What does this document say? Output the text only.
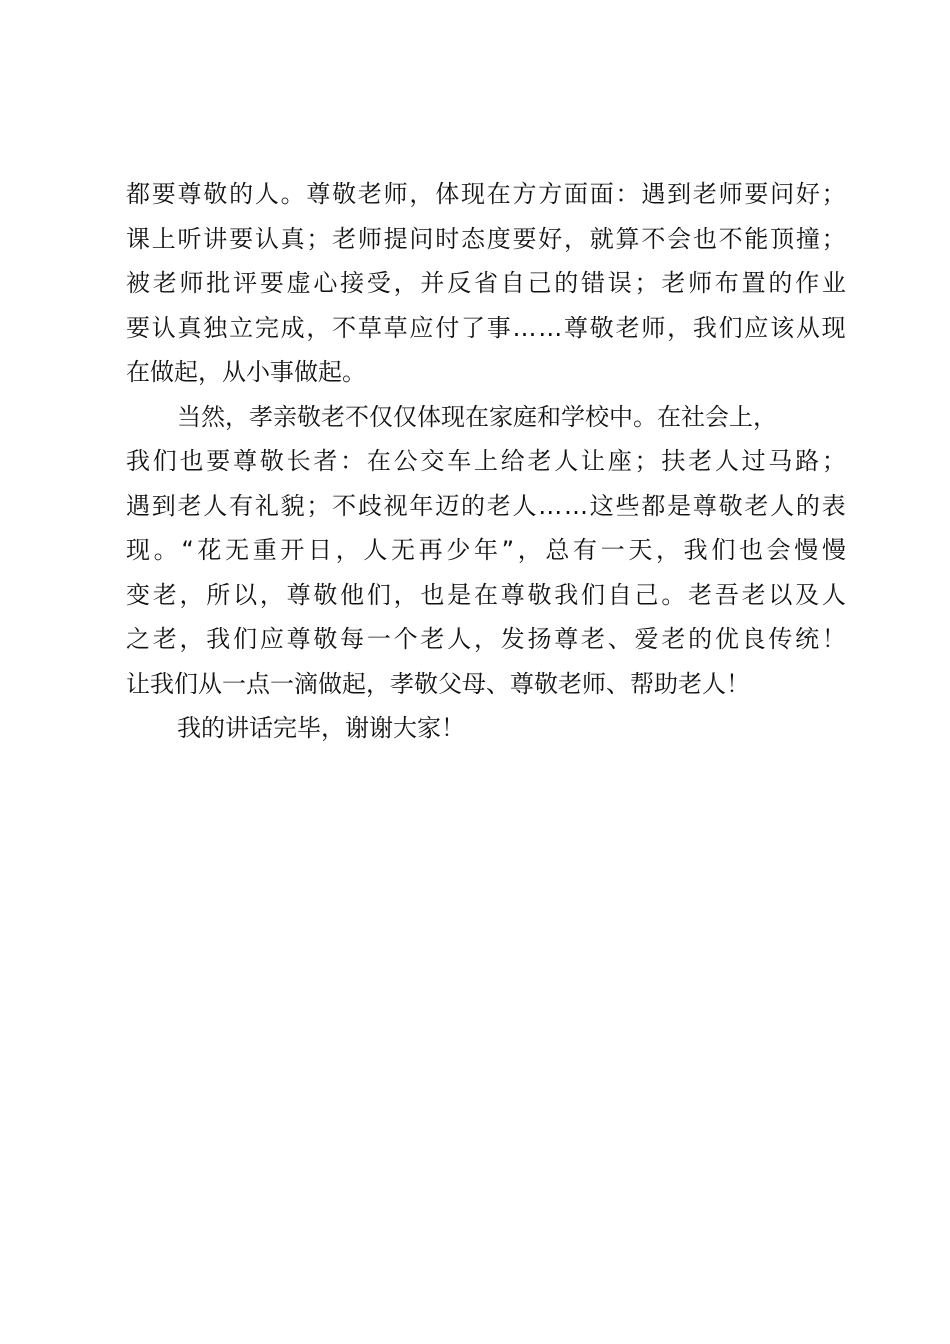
都 要 尊 敬 的 人 。 尊 敬 老 师 ， 体 现 在 方 方 面 面 ： 遇 到 老 师 要 问 好 ；
课 上 听 讲 要 认 真 ； 老 师 提 问 时 态 度 要 好 ， 就 算 不 会 也 不 能 顶 撞 ；
被 老 师 批 评 要 虚 心 接 受 ， 并 反 省 自 己 的 错 误 ； 老 师 布 置 的 作 业
要 认 真 独 立 完 成 ， 不 草 草 应 付 了 事 … … 尊 敬 老 师 ， 我 们 应 该 从 现
在做起，从小事做起。
当然，孝亲敬老不仅仅体现在家庭和学校中。在社会上，
我 们 也 要 尊 敬 长 者 ： 在 公 交 车 上 给 老 人 让 座 ； 扶 老 人 过 马 路 ；
遇 到 老 人 有 礼 貌 ； 不 歧 视 年 迈 的 老 人 … … 这 些 都 是 尊 敬 老 人 的 表
现 。 “ 花 无 重 开 日 ， 人 无 再 少 年 ” ， 总 有 一 天 ， 我 们 也 会 慢 慢
变 老 ， 所 以 ， 尊 敬 他 们 ， 也 是 在 尊 敬 我 们 自 己 。 老 吾 老 以 及 人
之 老 ， 我 们 应 尊 敬 每 一 个 老 人 ， 发 扬 尊 老 、 爱 老 的 优 良 传 统 ！
让我们从一点一滴做起，孝敬父母、尊敬老师、帮助老人！
我的讲话完毕，谢谢大家！
